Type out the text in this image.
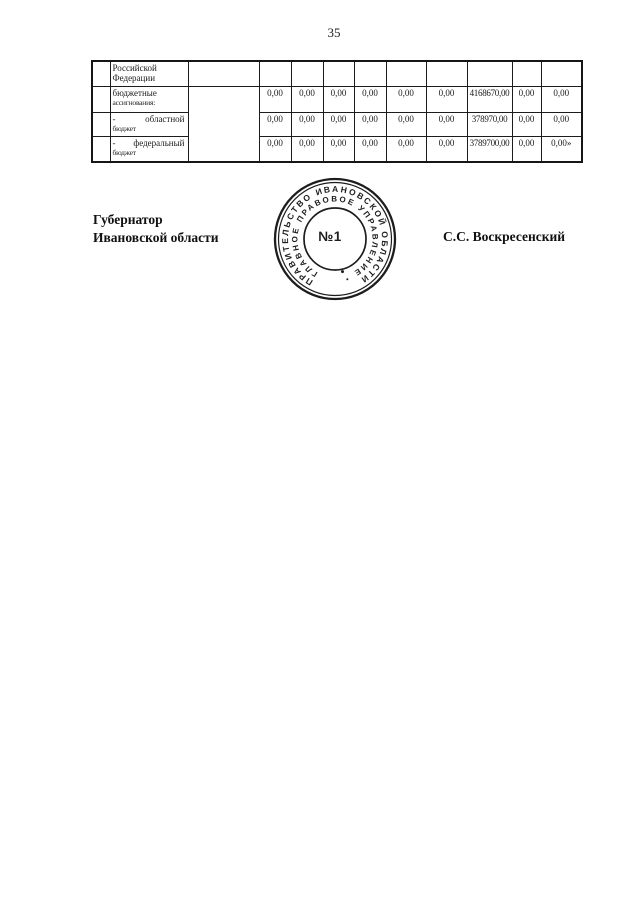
35

	Российской
Федерации										

	бюджетные
ассигнования:		0,00	0,00	0,00	0,00	0,00	0,00	4168670,00	0,00	0,00

	- областной
бюджет		0,00	0,00	0,00	0,00	0,00	0,00	378970,00	0,00	0,00

	- федеральный
бюджет		0,00	0,00	0,00	0,00	0,00	0,00	3789700,00	0,00	0,00»
Губернатор
Ивановской области
ПРАВИТЕЛЬСТВО ИВАНОВСКОЙ ОБЛАСТИ
ГЛАВНОЕ ПРАВОВОЕ УПРАВЛЕНИЕ
№1	С.С. Воскресенский
